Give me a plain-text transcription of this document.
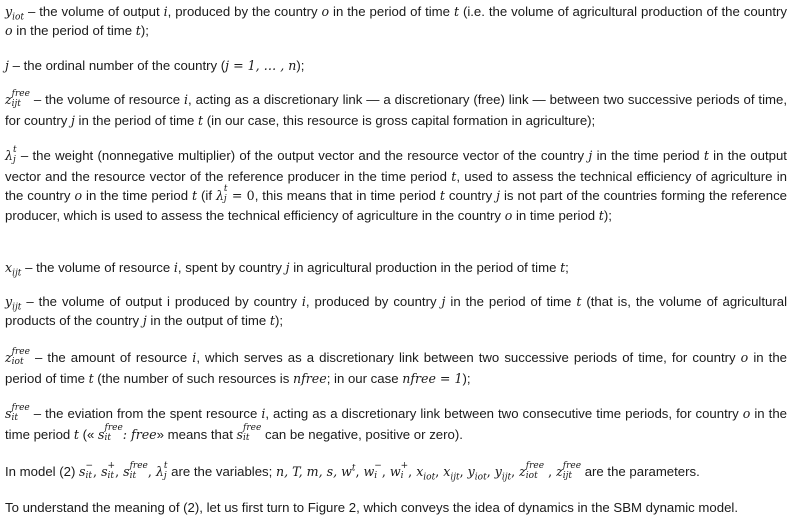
$y_{iot}$ – the volume of output i, produced by the country o in the period of time t (i.e. the volume of agricultural production of the country o in the period of time t);

j – the ordinal number of the country (j = 1, … , n);

z free
ijt – the volume of resource i, acting as a discretionary link — a discretionary (free) link — between two successive periods of time, for country j in the period of time t (in our case, this resource is gross capital formation in agriculture);

λ t
j – the weight (nonnegative multiplier) of the output vector and the resource vector of the country j in the time period t in the output vector and the resource vector of the reference producer in the time period t, used to assess the technical efficiency of agriculture in the country o in the time period t (if λ t
j = 0, this means that in time period t country j is not part of the countries forming the reference producer, which is used to assess the technical efficiency of agriculture in the country o in time period t);

$x_{ijt}$ – the volume of resource i, spent by country j in agricultural production in the period of time t;

$y_{ijt}$ – the volume of output i produced by country i, produced by country j in the period of time t (that is, the volume of agricultural products of the country j in the output of time t);

z free
iot – the amount of resource i, which serves as a discretionary link between two successive periods of time, for country o in the period of time t (the number of such resources is nfree; in our case nfree = 1);

s free
it – the eviation from the spent resource i, acting as a discretionary link between two consecutive time periods, for country o in the time period t (« s free
it : free» means that s free
it can be negative, positive or zero).

In model (2) s −
it , s +
it , s free
it , λ t
j are the variables; n, T, m, s, $w^t$, w −
i , w +
i , $x_{iot}$, $x_{ijt}$, $y_{iot}$, $y_{ijt}$, z free
iot , z free
ijt are the parameters.

To understand the meaning of (2), let us first turn to Figure 2, which conveys the idea of dynamics in the SBM dynamic model.
